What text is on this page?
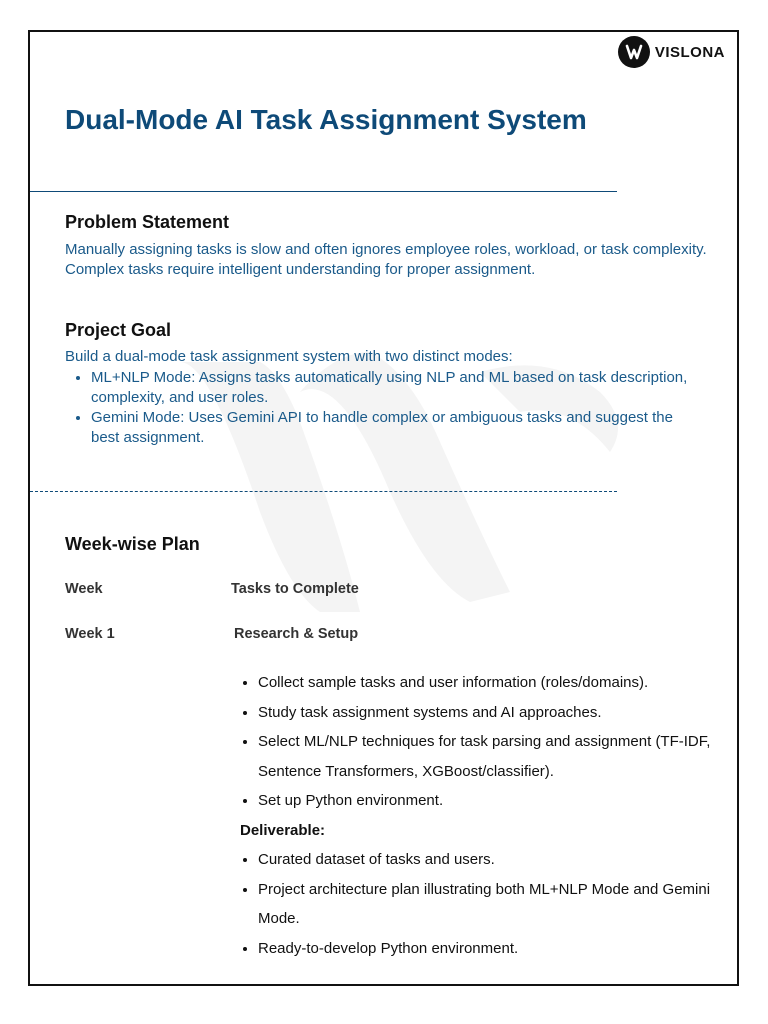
VISLONA
Dual-Mode AI Task Assignment System
Problem Statement

Manually assigning tasks is slow and often ignores employee roles, workload, or task complexity. Complex tasks require intelligent understanding for proper assignment.

Project Goal

Build a dual-mode task assignment system with two distinct modes:

• ML+NLP Mode: Assigns tasks automatically using NLP and ML based on task description, complexity, and user roles.
• Gemini Mode: Uses Gemini API to handle complex or ambiguous tasks and suggest the best assignment.
Week-wise Plan
Week	Tasks to Complete
Week 1	Research & Setup
• Collect sample tasks and user information (roles/domains).
• Study task assignment systems and AI approaches.
• Select ML/NLP techniques for task parsing and assignment (TF-IDF, Sentence Transformers, XGBoost/classifier).
• Set up Python environment.
Deliverable:
• Curated dataset of tasks and users.
• Project architecture plan illustrating both ML+NLP Mode and Gemini Mode.
• Ready-to-develop Python environment.
